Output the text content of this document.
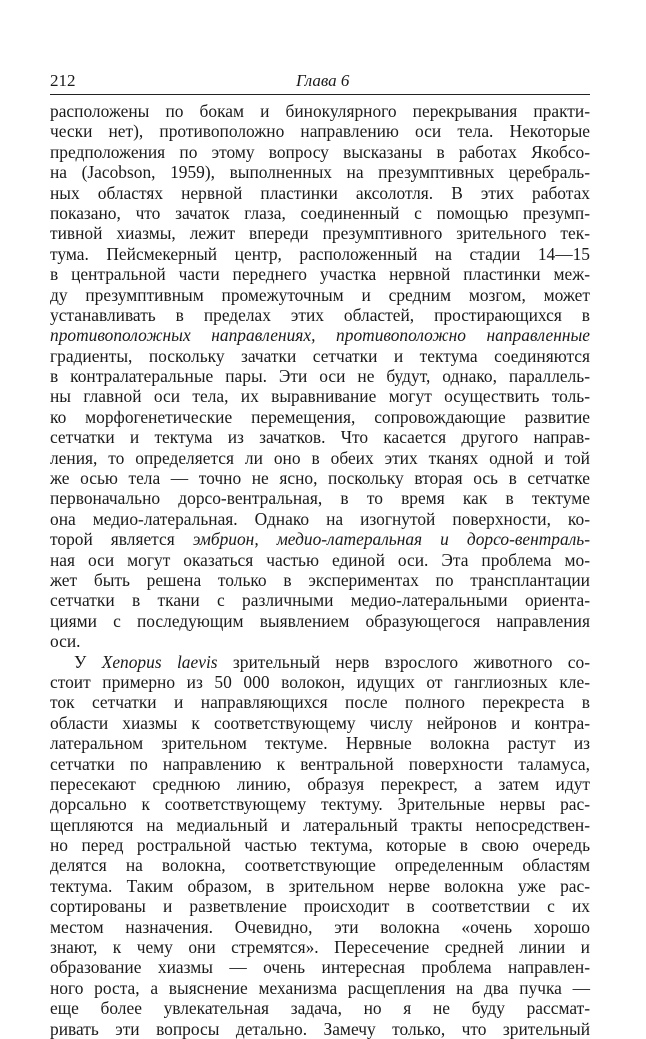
212	Глава 6
расположены по бокам и бинокулярного перекрывания практи-
чески нет), противоположно направлению оси тела. Некоторые
предположения по этому вопросу высказаны в работах Якобсо-
на (Jacobson, 1959), выполненных на презумптивных церебраль-
ных областях нервной пластинки аксолотля. В этих работах
показано, что зачаток глаза, соединенный с помощью презумп-
тивной хиазмы, лежит впереди презумптивного зрительного тек-
тума. Пейсмекерный центр, расположенный на стадии 14—15
в центральной части переднего участка нервной пластинки меж-
ду презумптивным промежуточным и средним мозгом, может
устанавливать в пределах этих областей, простирающихся в
противоположных направлениях, противоположно направленные
градиенты, поскольку зачатки сетчатки и тектума соединяются
в контралатеральные пары. Эти оси не будут, однако, параллель-
ны главной оси тела, их выравнивание могут осуществить толь-
ко морфогенетические перемещения, сопровождающие развитие
сетчатки и тектума из зачатков. Что касается другого направ-
ления, то определяется ли оно в обеих этих тканях одной и той
же осью тела — точно не ясно, поскольку вторая ось в сетчатке
первоначально дорсо-вентральная, в то время как в тектуме
она медио-латеральная. Однако на изогнутой поверхности, ко-
торой является эмбрион, медио-латеральная и дорсо-вентраль-
ная оси могут оказаться частью единой оси. Эта проблема мо-
жет быть решена только в экспериментах по трансплантации
сетчатки в ткани с различными медио-латеральными ориента-
циями с последующим выявлением образующегося направления
оси.
У Xenopus laevis зрительный нерв взрослого животного со-
стоит примерно из 50 000 волокон, идущих от ганглиозных кле-
ток сетчатки и направляющихся после полного перекреста в
области хиазмы к соответствующему числу нейронов и контра-
латеральном зрительном тектуме. Нервные волокна растут из
сетчатки по направлению к вентральной поверхности таламуса,
пересекают среднюю линию, образуя перекрест, а затем идут
дорсально к соответствующему тектуму. Зрительные нервы рас-
щепляются на медиальный и латеральный тракты непосредствен-
но перед ростральной частью тектума, которые в свою очередь
делятся на волокна, соответствующие определенным областям
тектума. Таким образом, в зрительном нерве волокна уже рас-
сортированы и разветвление происходит в соответствии с их
местом назначения. Очевидно, эти волокна «очень хорошо
знают, к чему они стремятся». Пересечение средней линии и
образование хиазмы — очень интересная проблема направлен-
ного роста, а выяснение механизма расщепления на два пучка —
еще более увлекательная задача, но я не буду рассмат-
ривать эти вопросы детально. Замечу только, что зрительный
